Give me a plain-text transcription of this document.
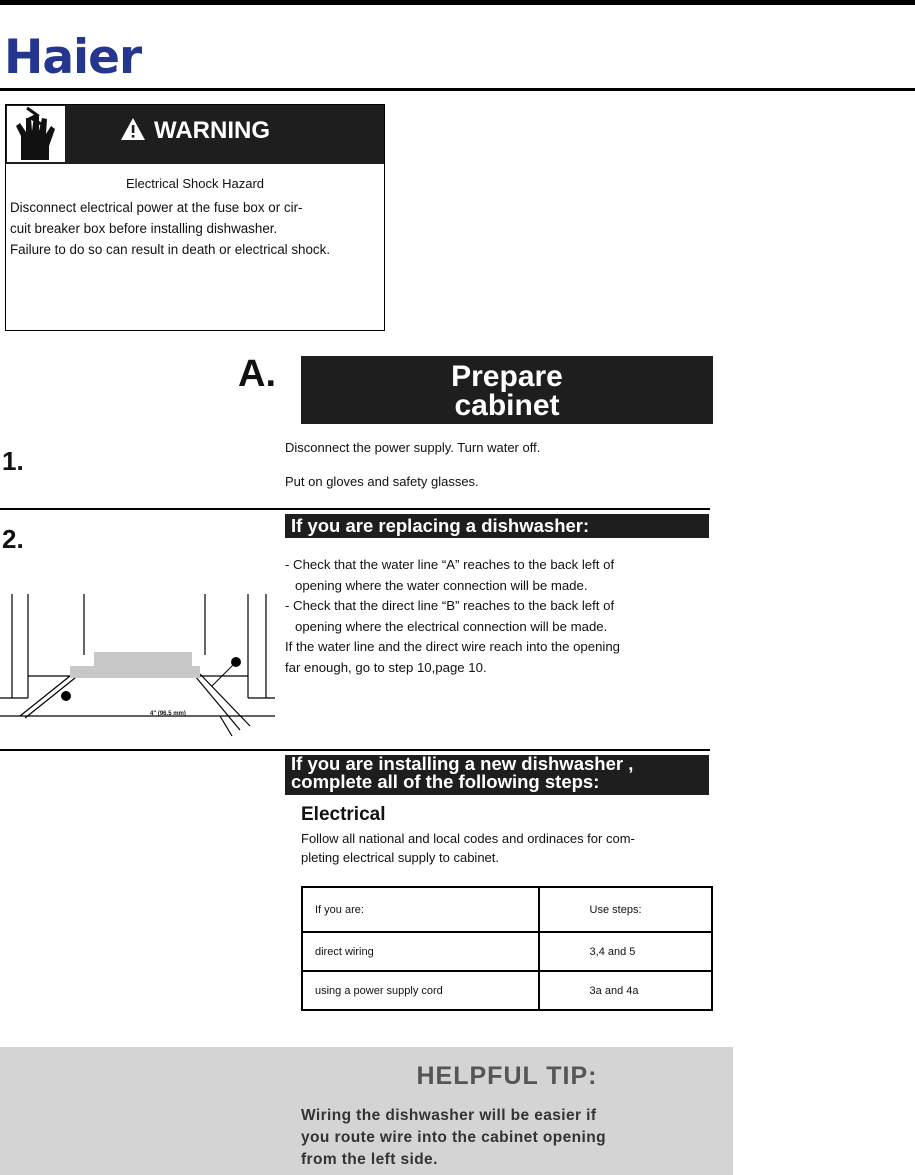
Haier
WARNING
Electrical Shock Hazard
Disconnect electrical power at the fuse box or cir-
cuit breaker box before installing dishwasher.
Failure to do so can result in death or electrical shock.
A.	Prepare
cabinet
1.	Disconnect the power supply. Turn water off.
Put on gloves and safety glasses.
If you are replacing a dishwasher:
2.
4" (96.5 mm)
- Check that the water line “A” reaches to the back left of
opening where the water connection will be made.
- Check that the direct line “B” reaches to the back left of
opening where the electrical connection will be made.
If the water line and the direct wire reach into the opening
far enough, go to step 10,page 10.
If you are installing a new dishwasher ,
complete all of the following steps:
Electrical
Follow all national and local codes and ordinaces for com-
pleting electrical supply to cabinet.
If you are:	Use steps:
direct wiring	3,4 and 5
using a power supply cord	3a and 4a
HELPFUL TIP:
Wiring the dishwasher will be easier if
you route wire into the cabinet opening
from the left side.
